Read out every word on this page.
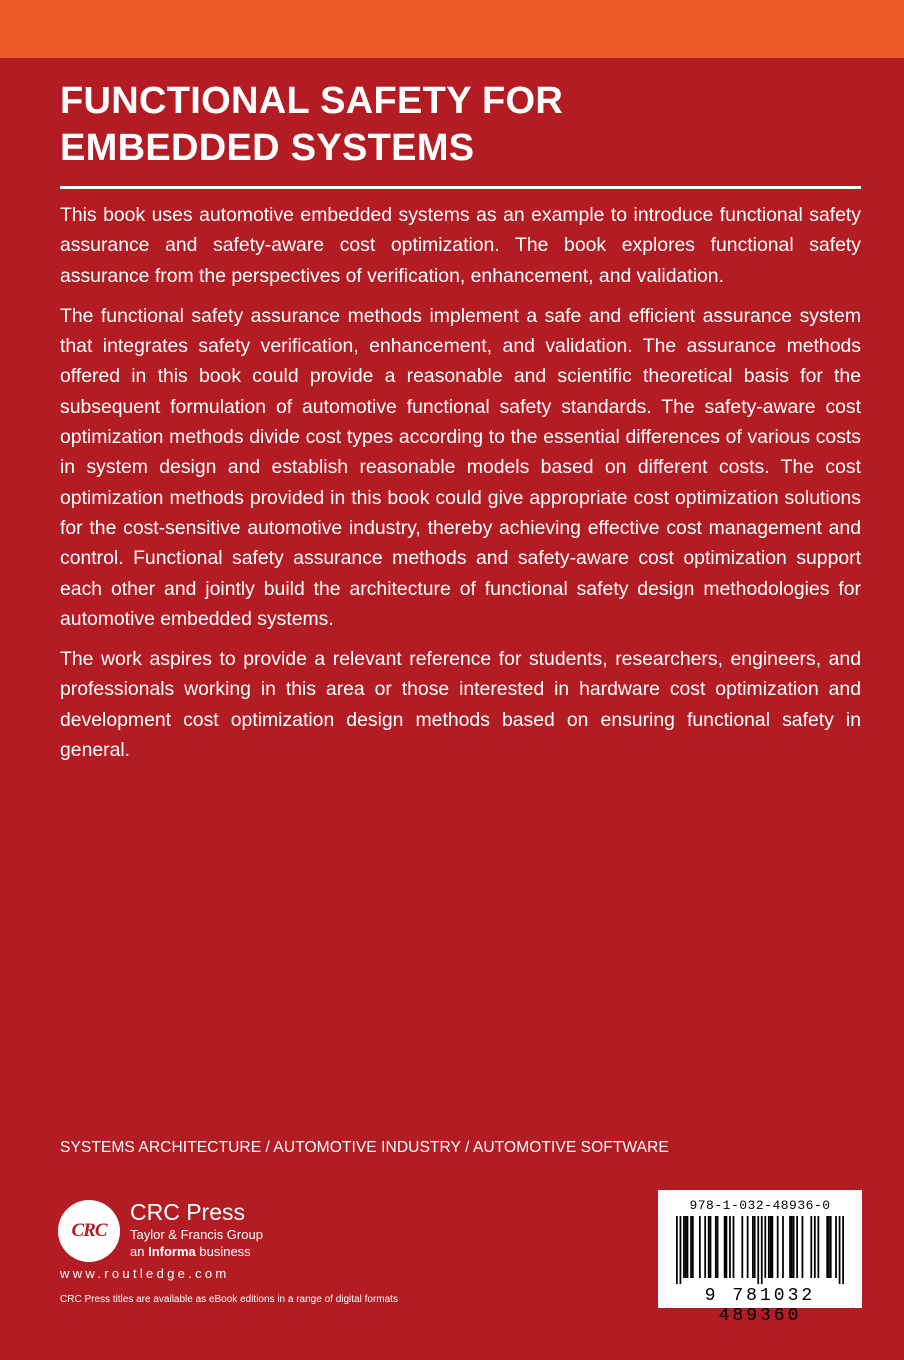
FUNCTIONAL SAFETY FOR
EMBEDDED SYSTEMS

This book uses automotive embedded systems as an example to introduce functional safety assurance and safety-aware cost optimization. The book explores functional safety assurance from the perspectives of verification, enhancement, and validation.

The functional safety assurance methods implement a safe and efficient assurance system that integrates safety verification, enhancement, and validation. The assurance methods offered in this book could provide a reasonable and scientific theoretical basis for the subsequent formulation of automotive functional safety standards. The safety-aware cost optimization methods divide cost types according to the essential differences of various costs in system design and establish reasonable models based on different costs. The cost optimization methods provided in this book could give appropriate cost optimization solutions for the cost-sensitive automotive industry, thereby achieving effective cost management and control. Functional safety assurance methods and safety-aware cost optimization support each other and jointly build the architecture of functional safety design methodologies for automotive embedded systems.

The work aspires to provide a relevant reference for students, researchers, engineers, and professionals working in this area or those interested in hardware cost optimization and development cost optimization design methods based on ensuring functional safety in general.

SYSTEMS ARCHITECTURE / AUTOMOTIVE INDUSTRY / AUTOMOTIVE SOFTWARE
CRC
CRC Press
Taylor & Francis Group
an Informa business
www.routledge.com
CRC Press titles are available as eBook editions in a range of digital formats
978-1-032-48936-0
9 781032 489360
